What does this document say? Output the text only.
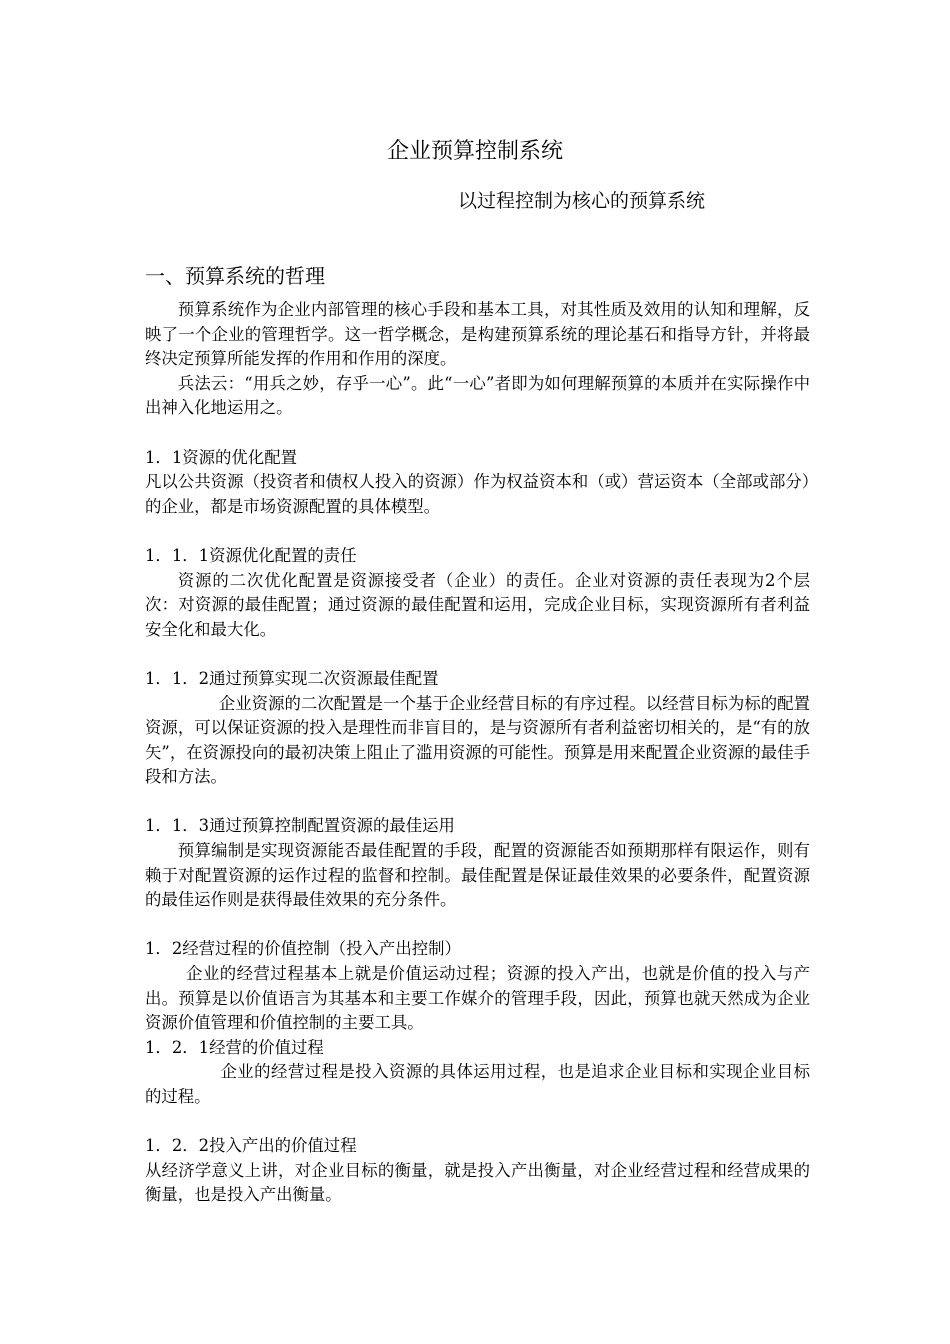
企业预算控制系统
以过程控制为核心的预算系统
一、预算系统的哲理

预算系统作为企业内部管理的核心手段和基本工具，对其性质及效用的认知和理解，反映了一个企业的管理哲学。这一哲学概念，是构建预算系统的理论基石和指导方针，并将最终决定预算所能发挥的作用和作用的深度。

兵法云：“用兵之妙，存乎一心”。此“一心”者即为如何理解预算的本质并在实际操作中出神入化地运用之。

1．1资源的优化配置

凡以公共资源（投资者和债权人投入的资源）作为权益资本和（或）营运资本（全部或部分）的企业，都是市场资源配置的具体模型。

1．1．1资源优化配置的责任

资源的二次优化配置是资源接受者（企业）的责任。企业对资源的责任表现为2个层次：对资源的最佳配置；通过资源的最佳配置和运用，完成企业目标，实现资源所有者利益安全化和最大化。

1．1．2通过预算实现二次资源最佳配置

企业资源的二次配置是一个基于企业经营目标的有序过程。以经营目标为标的配置资源，可以保证资源的投入是理性而非盲目的，是与资源所有者利益密切相关的，是“有的放矢”，在资源投向的最初决策上阻止了滥用资源的可能性。预算是用来配置企业资源的最佳手段和方法。

1．1．3通过预算控制配置资源的最佳运用

预算编制是实现资源能否最佳配置的手段，配置的资源能否如预期那样有限运作，则有赖于对配置资源的运作过程的监督和控制。最佳配置是保证最佳效果的必要条件，配置资源的最佳运作则是获得最佳效果的充分条件。

1．2经营过程的价值控制（投入产出控制）

企业的经营过程基本上就是价值运动过程；资源的投入产出，也就是价值的投入与产出。预算是以价值语言为其基本和主要工作媒介的管理手段，因此，预算也就天然成为企业资源价值管理和价值控制的主要工具。

1．2．1经营的价值过程

企业的经营过程是投入资源的具体运用过程，也是追求企业目标和实现企业目标的过程。

1．2．2投入产出的价值过程

从经济学意义上讲，对企业目标的衡量，就是投入产出衡量，对企业经营过程和经营成果的衡量，也是投入产出衡量。
